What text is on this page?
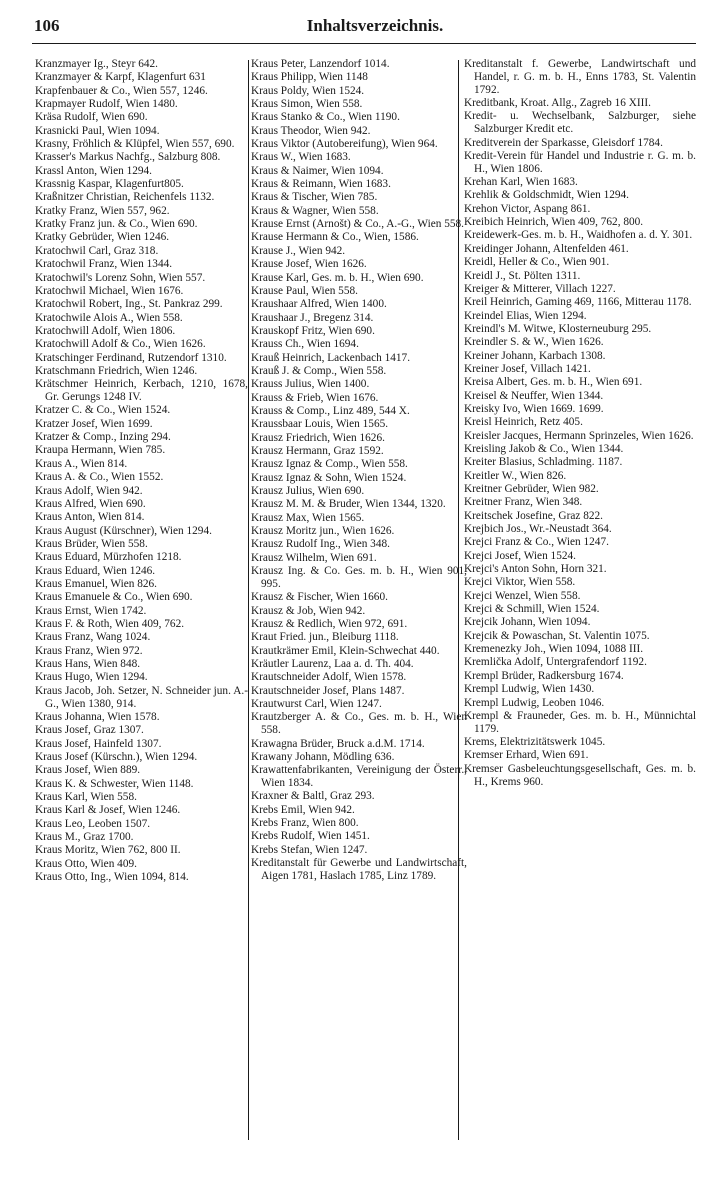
106	Inhaltsverzeichnis.
Kranzmayer Ig., Steyr 642.
Kranzmayer & Karpf, Klagenfurt 631
Krapfenbauer & Co., Wien 557, 1246.
Krapmayer Rudolf, Wien 1480.
Kräsa Rudolf, Wien 690.
Krasnicki Paul, Wien 1094.
Krasny, Fröhlich & Klüpfel, Wien 557, 690.
Krasser's Markus Nachfg., Salzburg 808.
Krassl Anton, Wien 1294.
Krassnig Kaspar, Klagenfurt805.
Kraßnitzer Christian, Reichenfels 1132.
Kratky Franz, Wien 557, 962.
Kratky Franz jun. & Co., Wien 690.
Kratky Gebrüder, Wien 1246.
Kratochwil Carl, Graz 318.
Kratochwil Franz, Wien 1344.
Kratochwil's Lorenz Sohn, Wien 557.
Kratochwil Michael, Wien 1676.
Kratochwil Robert, Ing., St. Pankraz 299.
Kratochwile Alois A., Wien 558.
Kratochwill Adolf, Wien 1806.
Kratochwill Adolf & Co., Wien 1626.
Kratschinger Ferdinand, Rutzendorf 1310.
Kratschmann Friedrich, Wien 1246.
Krätschmer Heinrich, Kerbach, 1210, 1678, Gr. Gerungs 1248 IV.
Kratzer C. & Co., Wien 1524.
Kratzer Josef, Wien 1699.
Kratzer & Comp., Inzing 294.
Kraupa Hermann, Wien 785.
Kraus A., Wien 814.
Kraus A. & Co., Wien 1552.
Kraus Adolf, Wien 942.
Kraus Alfred, Wien 690.
Kraus Anton, Wien 814.
Kraus August (Kürschner), Wien 1294.
Kraus Brüder, Wien 558.
Kraus Eduard, Mürzhofen 1218.
Kraus Eduard, Wien 1246.
Kraus Emanuel, Wien 826.
Kraus Emanuele & Co., Wien 690.
Kraus Ernst, Wien 1742.
Kraus F. & Roth, Wien 409, 762.
Kraus Franz, Wang 1024.
Kraus Franz, Wien 972.
Kraus Hans, Wien 848.
Kraus Hugo, Wien 1294.
Kraus Jacob, Joh. Setzer, N. Schneider jun. A.-G., Wien 1380, 914.
Kraus Johanna, Wien 1578.
Kraus Josef, Graz 1307.
Kraus Josef, Hainfeld 1307.
Kraus Josef (Kürschn.), Wien 1294.
Kraus Josef, Wien 889.
Kraus K. & Schwester, Wien 1148.
Kraus Karl, Wien 558.
Kraus Karl & Josef, Wien 1246.
Kraus Leo, Leoben 1507.
Kraus M., Graz 1700.
Kraus Moritz, Wien 762, 800 II.
Kraus Otto, Wien 409.
Kraus Otto, Ing., Wien 1094, 814.
Kraus Peter, Lanzendorf 1014.
Kraus Philipp, Wien 1148
Kraus Poldy, Wien 1524.
Kraus Simon, Wien 558.
Kraus Stanko & Co., Wien 1190.
Kraus Theodor, Wien 942.
Kraus Viktor (Autobereifung), Wien 964.
Kraus W., Wien 1683.
Kraus & Naimer, Wien 1094.
Kraus & Reimann, Wien 1683.
Kraus & Tischer, Wien 785.
Kraus & Wagner, Wien 558.
Krause Ernst (Arnošt) & Co., A.-G., Wien 558.
Krause Hermann & Co., Wien, 1586.
Krause J., Wien 942.
Krause Josef, Wien 1626.
Krause Karl, Ges. m. b. H., Wien 690.
Krause Paul, Wien 558.
Kraushaar Alfred, Wien 1400.
Kraushaar J., Bregenz 314.
Krauskopf Fritz, Wien 690.
Krauss Ch., Wien 1694.
Krauß Heinrich, Lackenbach 1417.
Krauß J. & Comp., Wien 558.
Krauss Julius, Wien 1400.
Krauss & Frieb, Wien 1676.
Krauss & Comp., Linz 489, 544 X.
Kraussbaar Louis, Wien 1565.
Krausz Friedrich, Wien 1626.
Krausz Hermann, Graz 1592.
Krausz Ignaz & Comp., Wien 558.
Krausz Ignaz & Sohn, Wien 1524.
Krausz Julius, Wien 690.
Krausz M. M. & Bruder, Wien 1344, 1320.
Krausz Max, Wien 1565.
Krausz Moritz jun., Wien 1626.
Krausz Rudolf Ing., Wien 348.
Krausz Wilhelm, Wien 691.
Krausz Ing. & Co. Ges. m. b. H., Wien 901, 995.
Krausz & Fischer, Wien 1660.
Krausz & Job, Wien 942.
Krausz & Redlich, Wien 972, 691.
Kraut Fried. jun., Bleiburg 1118.
Krautkrämer Emil, Klein-Schwechat 440.
Kräutler Laurenz, Laa a. d. Th. 404.
Krautschneider Adolf, Wien 1578.
Krautschneider Josef, Plans 1487.
Krautwurst Carl, Wien 1247.
Krautzberger A. & Co., Ges. m. b. H., Wien 558.
Krawagna Brüder, Bruck a.d.M. 1714.
Krawany Johann, Mödling 636.
Krawattenfabrikanten, Vereinigung der Österr., Wien 1834.
Kraxner & Baltl, Graz 293.
Krebs Emil, Wien 942.
Krebs Franz, Wien 800.
Krebs Rudolf, Wien 1451.
Krebs Stefan, Wien 1247.
Kreditanstalt für Gewerbe und Landwirtschaft, Aigen 1781, Haslach 1785, Linz 1789.
Kreditanstalt f. Gewerbe, Landwirtschaft und Handel, r. G. m. b. H., Enns 1783, St. Valentin 1792.
Kreditbank, Kroat. Allg., Zagreb 16 XIII.
Kredit- u. Wechselbank, Salzburger, siehe Salzburger Kredit etc.
Kreditverein der Sparkasse, Gleisdorf 1784.
Kredit-Verein für Handel und Industrie r. G. m. b. H., Wien 1806.
Krehan Karl, Wien 1683.
Krehlik & Goldschmidt, Wien 1294.
Krehon Victor, Aspang 861.
Kreibich Heinrich, Wien 409, 762, 800.
Kreidewerk-Ges. m. b. H., Waidhofen a. d. Y. 301.
Kreidinger Johann, Altenfelden 461.
Kreidl, Heller & Co., Wien 901.
Kreidl J., St. Pölten 1311.
Kreiger & Mitterer, Villach 1227.
Kreil Heinrich, Gaming 469, 1166, Mitterau 1178.
Kreindel Elias, Wien 1294.
Kreindl's M. Witwe, Klosterneuburg 295.
Kreindler S. & W., Wien 1626.
Kreiner Johann, Karbach 1308.
Kreiner Josef, Villach 1421.
Kreisa Albert, Ges. m. b. H., Wien 691.
Kreisel & Neuffer, Wien 1344.
Kreisky Ivo, Wien 1669. 1699.
Kreisl Heinrich, Retz 405.
Kreisler Jacques, Hermann Sprinzeles, Wien 1626.
Kreisling Jakob & Co., Wien 1344.
Kreiter Blasius, Schladming. 1187.
Kreitler W., Wien 826.
Kreitner Gebrüder, Wien 982.
Kreitner Franz, Wien 348.
Kreitschek Josefine, Graz 822.
Krejbich Jos., Wr.-Neustadt 364.
Krejci Franz & Co., Wien 1247.
Krejci Josef, Wien 1524.
Krejci's Anton Sohn, Horn 321.
Krejci Viktor, Wien 558.
Krejci Wenzel, Wien 558.
Krejci & Schmill, Wien 1524.
Krejcik Johann, Wien 1094.
Krejcik & Powaschan, St. Valentin 1075.
Kremenezky Joh., Wien 1094, 1088 III.
Kremlička Adolf, Untergrafendorf 1192.
Krempl Brüder, Radkersburg 1674.
Krempl Ludwig, Wien 1430.
Krempl Ludwig, Leoben 1046.
Krempl & Frauneder, Ges. m. b. H., Münnichtal 1179.
Krems, Elektrizitätswerk 1045.
Kremser Erhard, Wien 691.
Kremser Gasbeleuchtungsgesellschaft, Ges. m. b. H., Krems 960.
